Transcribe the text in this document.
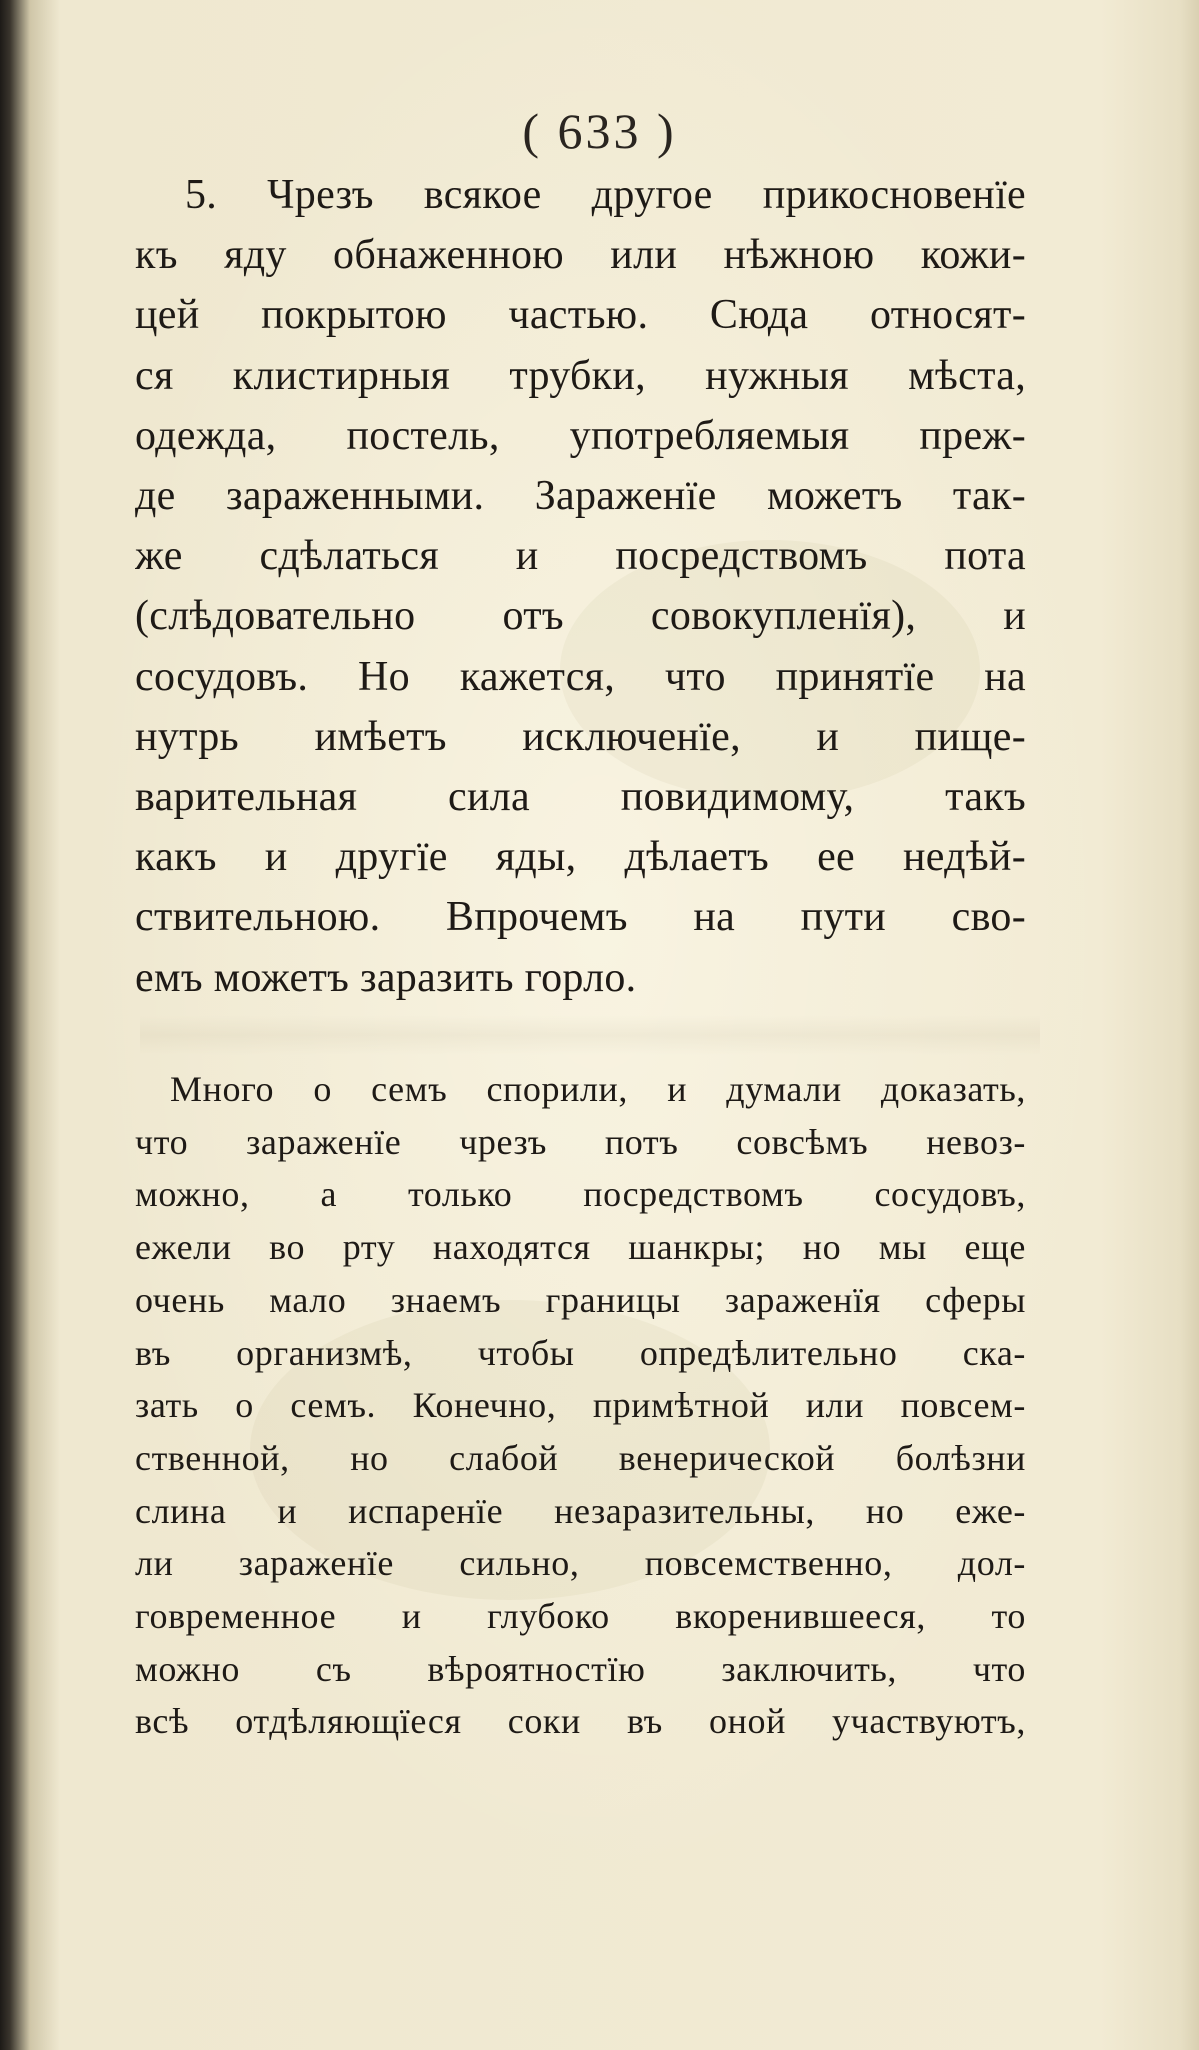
( 633 )
5. Чрезъ всякое другое прикосновенїе
къ яду обнаженною или нѣжною кожи-
цей покрытою частью. Сюда относят-
ся клистирныя трубки, нужныя мѣста,
одежда, постель, употребляемыя преж-
де зараженными. Зараженїе можетъ так-
же сдѣлаться и посредствомъ пота
(слѣдовательно отъ совокупленїя), и
сосудовъ. Но кажется, что принятїе на
нутрь имѣетъ исключенїе, и пище-
варительная сила повидимому, такъ
какъ и другїе яды, дѣлаетъ ее недѣй-
ствительною. Впрочемъ на пути сво-
емъ можетъ заразить горло.
Много о семъ спорили, и думали доказать,
что зараженїе чрезъ потъ совсѣмъ невоз-
можно, а только посредствомъ сосудовъ,
ежели во рту находятся шанкры; но мы еще
очень мало знаемъ границы зараженїя сферы
въ организмѣ, чтобы опредѣлительно ска-
зать о семъ. Конечно, примѣтной или повсем-
ственной, но слабой венерической болѣзни
слина и испаренїе незаразительны, но еже-
ли зараженїе сильно, повсемственно, дол-
говременное и глубоко вкоренившееся, то
можно съ вѣроятностїю заключить, что
всѣ отдѣляющїеся соки въ оной участвуютъ,
